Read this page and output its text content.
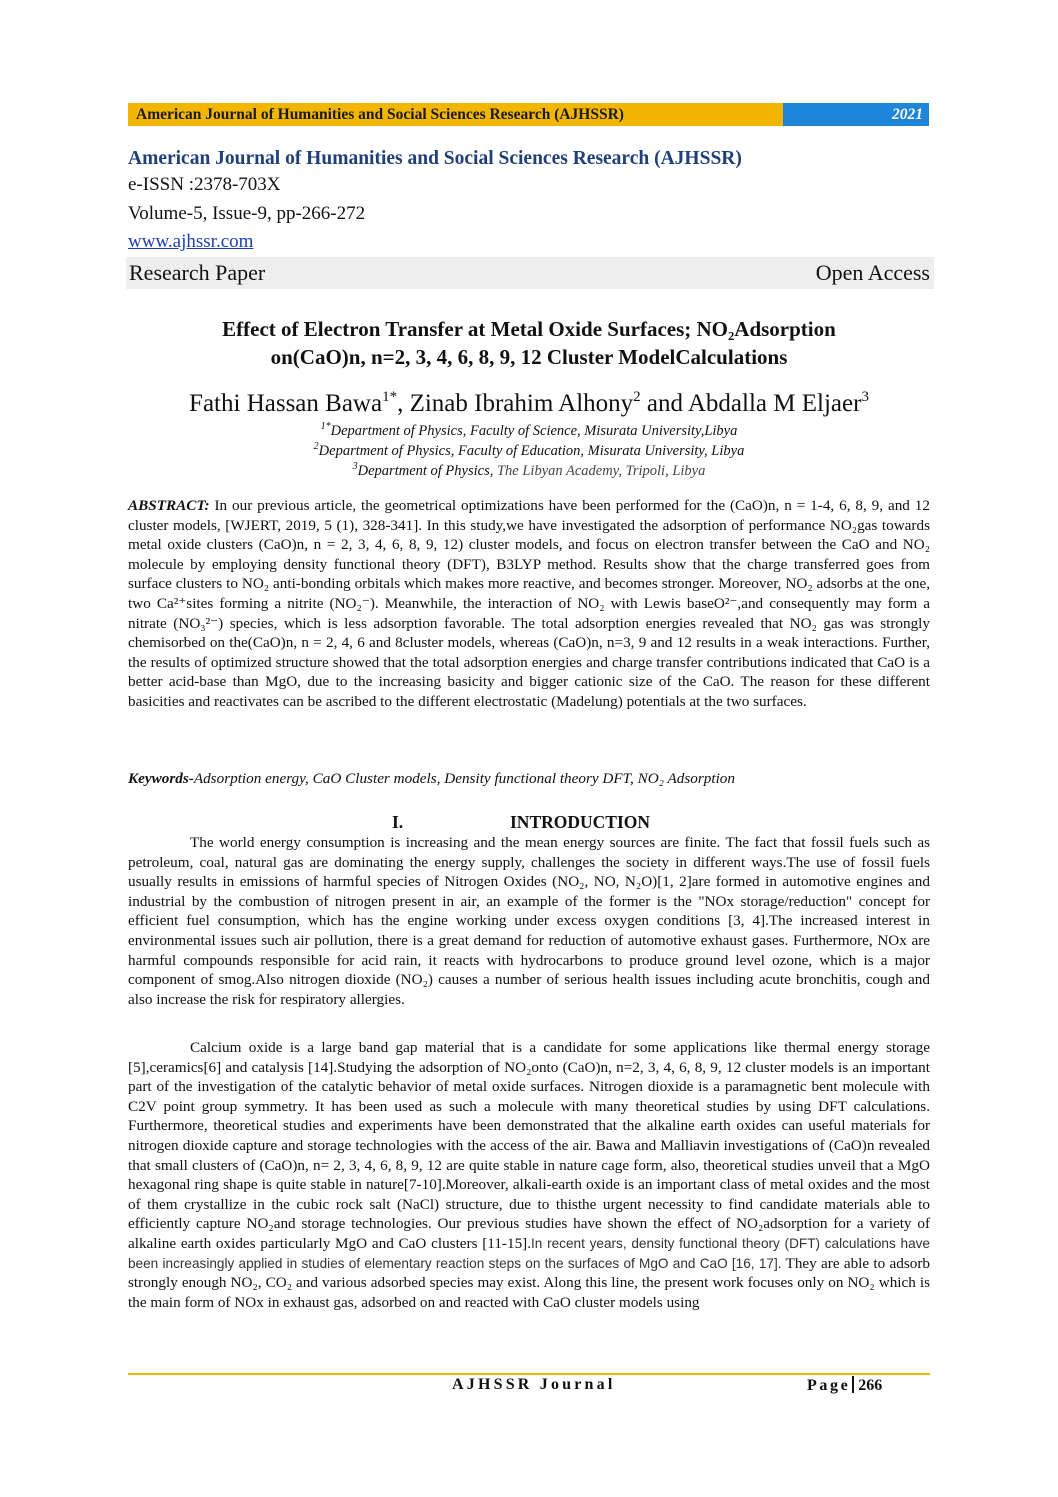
American Journal of Humanities and Social Sciences Research (AJHSSR)	2021
American Journal of Humanities and Social Sciences Research (AJHSSR)
e-ISSN :2378-703X
Volume-5, Issue-9, pp-266-272
www.ajhssr.com
Research Paper	Open Access
Effect of Electron Transfer at Metal Oxide Surfaces; NO₂Adsorption
on(CaO)n, n=2, 3, 4, 6, 8, 9, 12 Cluster ModelCalculations
Fathi Hassan Bawa$^{1*}$, Zinab Ibrahim Alhony$^2$ and Abdalla M Eljaer$^3$
$^{1*}$Department of Physics, Faculty of Science, Misurata University,Libya
$^2$Department of Physics, Faculty of Education, Misurata University, Libya
$^3$Department of Physics, The Libyan Academy, Tripoli, Libya
ABSTRACT: In our previous article, the geometrical optimizations have been performed for the (CaO)n, n = 1-4, 6, 8, 9, and 12 cluster models, [WJERT, 2019, 5 (1), 328-341]. In this study,we have investigated the adsorption of performance NO₂gas towards metal oxide clusters (CaO)n, n = 2, 3, 4, 6, 8, 9, 12) cluster models, and focus on electron transfer between the CaO and NO₂ molecule by employing density functional theory (DFT), B3LYP method. Results show that the charge transferred goes from surface clusters to NO₂ anti-bonding orbitals which makes more reactive, and becomes stronger. Moreover, NO₂ adsorbs at the one, two Ca²⁺sites forming a nitrite (NO₂⁻). Meanwhile, the interaction of NO₂ with Lewis baseO²⁻,and consequently may form a nitrate (NO₃²⁻) species, which is less adsorption favorable. The total adsorption energies revealed that NO₂ gas was strongly chemisorbed on the(CaO)n, n = 2, 4, 6 and 8cluster models, whereas (CaO)n, n=3, 9 and 12 results in a weak interactions. Further, the results of optimized structure showed that the total adsorption energies and charge transfer contributions indicated that CaO is a better acid-base than MgO, due to the increasing basicity and bigger cationic size of the CaO. The reason for these different basicities and reactivates can be ascribed to the different electrostatic (Madelung) potentials at the two surfaces.
Keywords-Adsorption energy, CaO Cluster models, Density functional theory DFT, NO₂ Adsorption
I.	INTRODUCTION
The world energy consumption is increasing and the mean energy sources are finite. The fact that fossil fuels such as petroleum, coal, natural gas are dominating the energy supply, challenges the society in different ways.The use of fossil fuels usually results in emissions of harmful species of Nitrogen Oxides (NO₂, NO, N₂O)[1, 2]are formed in automotive engines and industrial by the combustion of nitrogen present in air, an example of the former is the "NOx storage/reduction" concept for efficient fuel consumption, which has the engine working under excess oxygen conditions [3, 4].The increased interest in environmental issues such air pollution, there is a great demand for reduction of automotive exhaust gases. Furthermore, NOx are harmful compounds responsible for acid rain, it reacts with hydrocarbons to produce ground level ozone, which is a major component of smog.Also nitrogen dioxide (NO₂) causes a number of serious health issues including acute bronchitis, cough and also increase the risk for respiratory allergies.
Calcium oxide is a large band gap material that is a candidate for some applications like thermal energy storage [5],ceramics[6] and catalysis [14].Studying the adsorption of NO₂onto (CaO)n, n=2, 3, 4, 6, 8, 9, 12 cluster models is an important part of the investigation of the catalytic behavior of metal oxide surfaces. Nitrogen dioxide is a paramagnetic bent molecule with C2V point group symmetry. It has been used as such a molecule with many theoretical studies by using DFT calculations. Furthermore, theoretical studies and experiments have been demonstrated that the alkaline earth oxides can useful materials for nitrogen dioxide capture and storage technologies with the access of the air. Bawa and Malliavin investigations of (CaO)n revealed that small clusters of (CaO)n, n= 2, 3, 4, 6, 8, 9, 12 are quite stable in nature cage form, also, theoretical studies unveil that a MgO hexagonal ring shape is quite stable in nature[7-10].Moreover, alkali-earth oxide is an important class of metal oxides and the most of them crystallize in the cubic rock salt (NaCl) structure, due to thisthe urgent necessity to find candidate materials able to efficiently capture NO₂and storage technologies. Our previous studies have shown the effect of NO₂adsorption for a variety of alkaline earth oxides particularly MgO and CaO clusters [11-15].In recent years, density functional theory (DFT) calculations have been increasingly applied in studies of elementary reaction steps on the surfaces of MgO and CaO [16, 17]. They are able to adsorb strongly enough NO₂, CO₂ and various adsorbed species may exist. Along this line, the present work focuses only on NO₂ which is the main form of NOx in exhaust gas, adsorbed on and reacted with CaO cluster models using
AJHSSR Journal	Page 266
